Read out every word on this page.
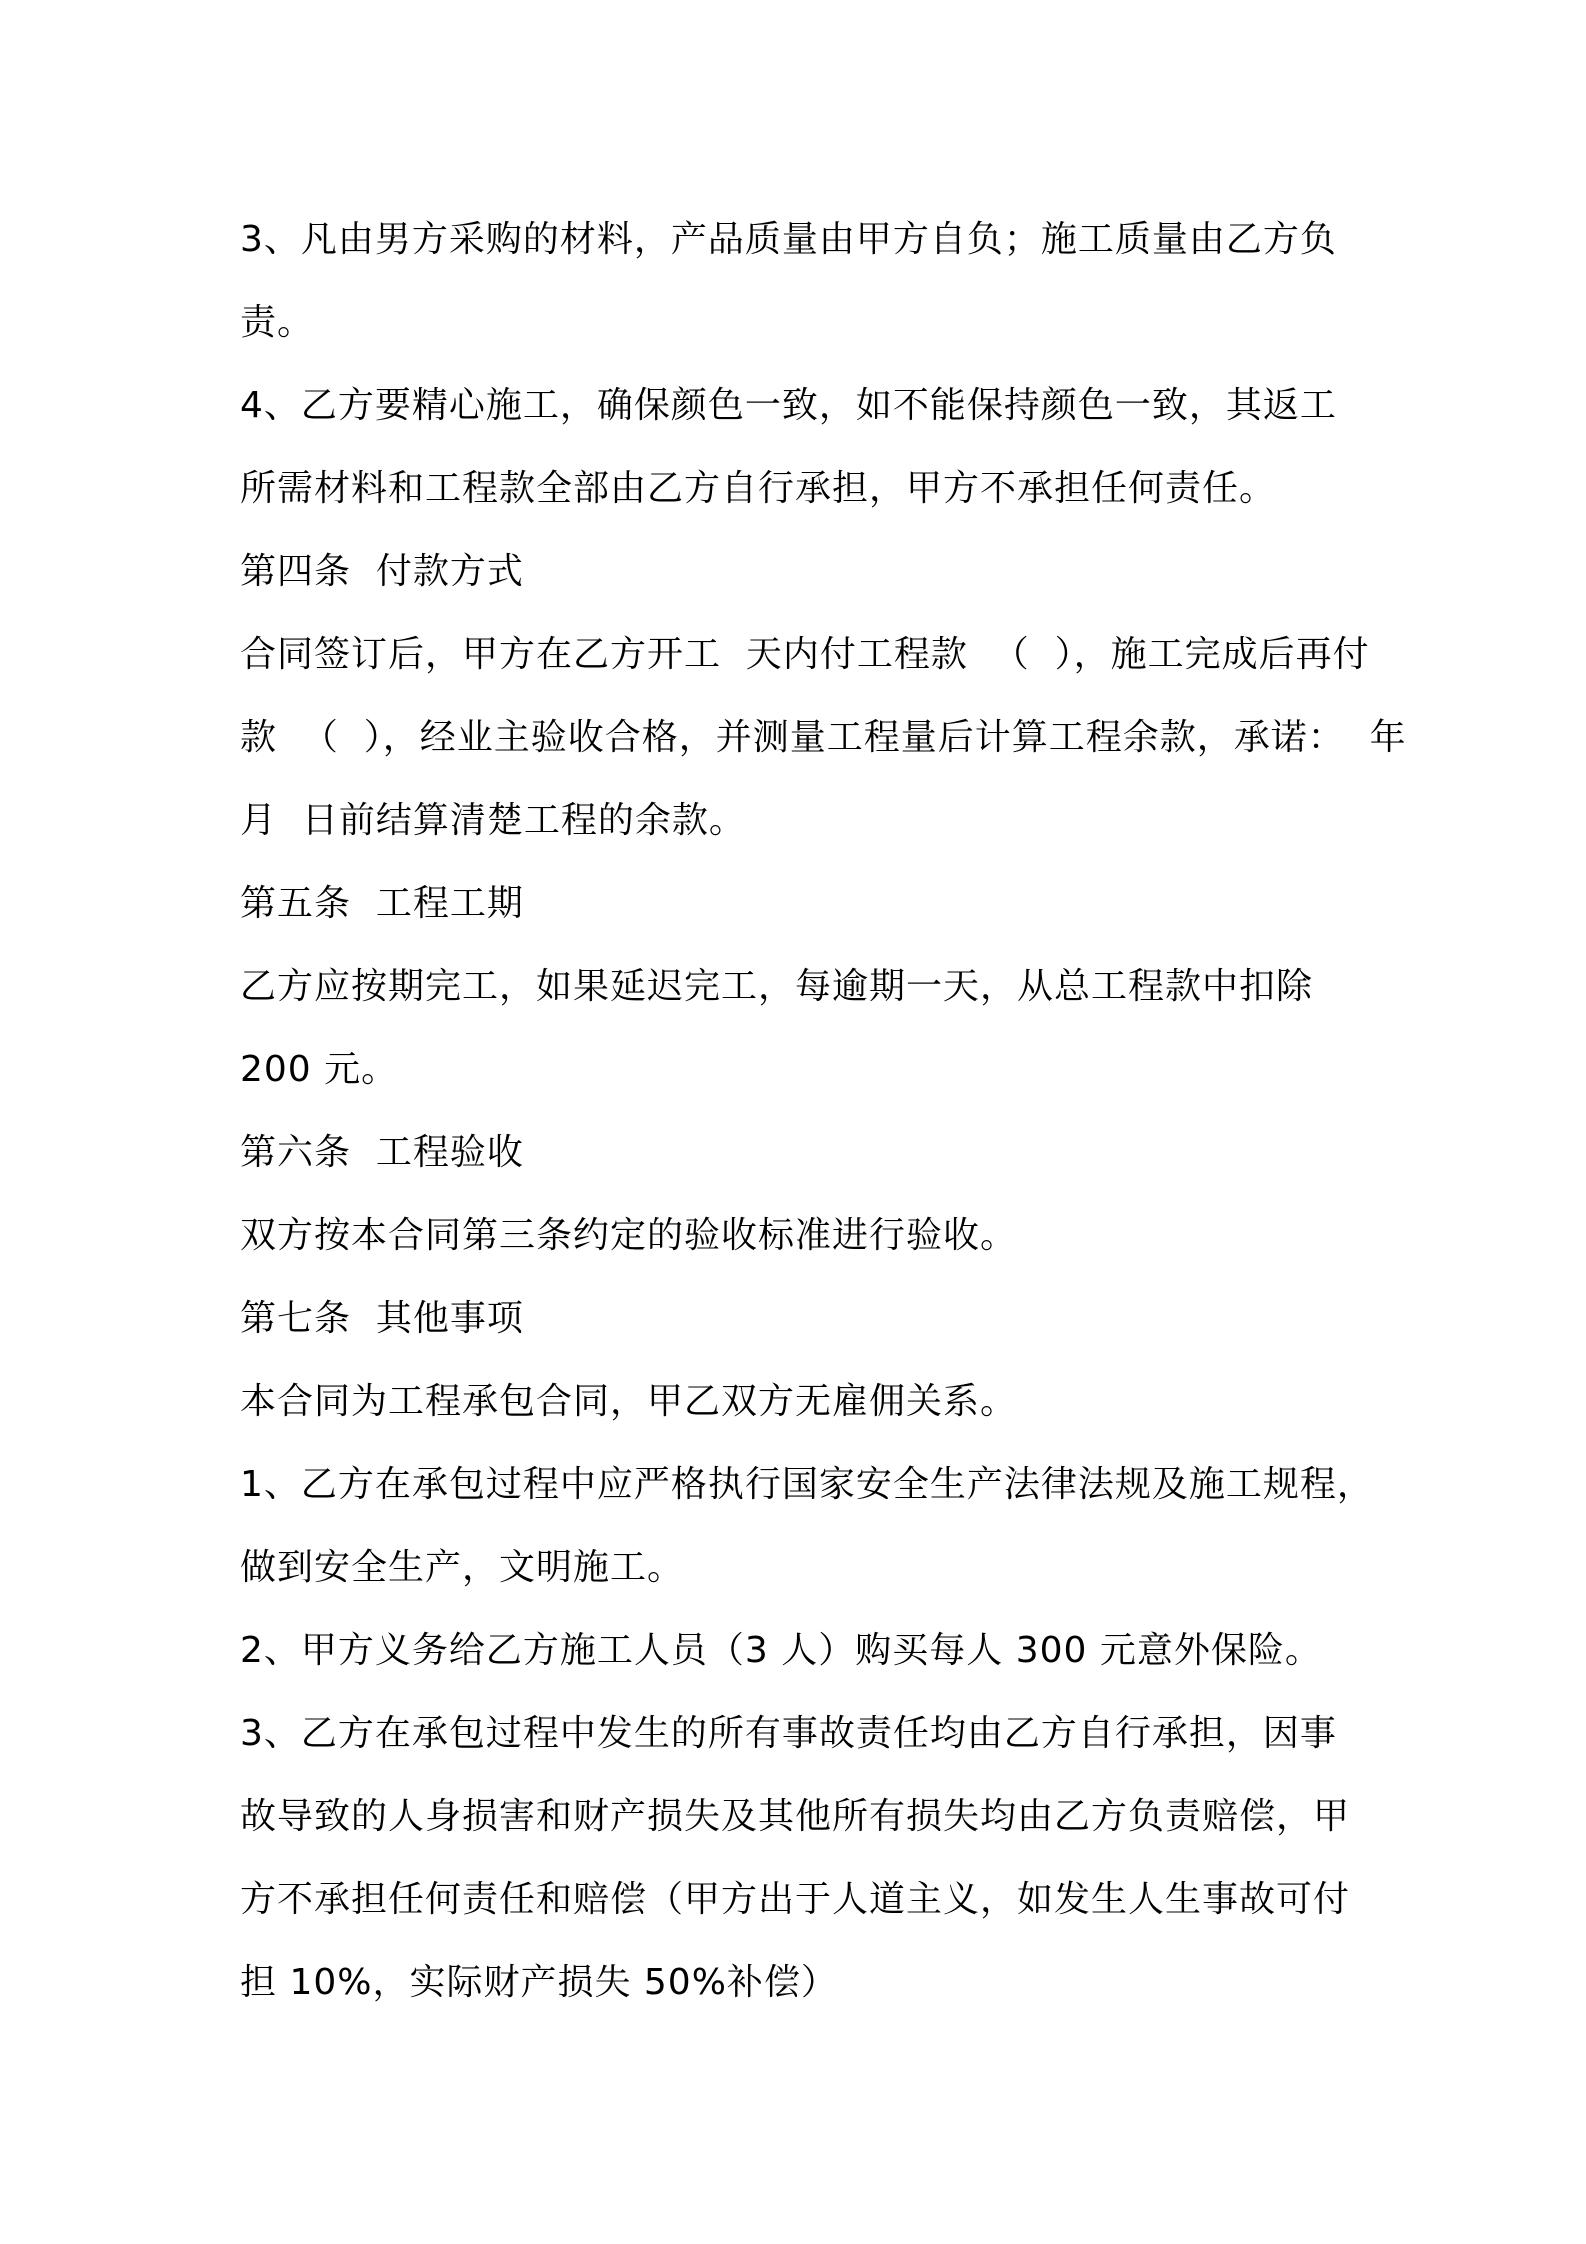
3、凡由男方采购的材料，产品质量由甲方自负；施工质量由乙方负
责。
4、乙方要精心施工，确保颜色一致，如不能保持颜色一致，其返工
所需材料和工程款全部由乙方自行承担，甲方不承担任何责任。
第四条  付款方式
合同签订后，甲方在乙方开工  天内付工程款  （  ），施工完成后再付
款  （  ），经业主验收合格，并测量工程量后计算工程余款，承诺：  年
月  日前结算清楚工程的余款。
第五条  工程工期
乙方应按期完工，如果延迟完工，每逾期一天，从总工程款中扣除
200 元。
第六条  工程验收
双方按本合同第三条约定的验收标准进行验收。
第七条  其他事项
本合同为工程承包合同，甲乙双方无雇佣关系。
1、乙方在承包过程中应严格执行国家安全生产法律法规及施工规程，
做到安全生产，文明施工。
2、甲方义务给乙方施工人员（3 人）购买每人 300 元意外保险。
3、乙方在承包过程中发生的所有事故责任均由乙方自行承担，因事
故导致的人身损害和财产损失及其他所有损失均由乙方负责赔偿，甲
方不承担任何责任和赔偿（甲方出于人道主义，如发生人生事故可付
担 10%，实际财产损失 50%补偿）
